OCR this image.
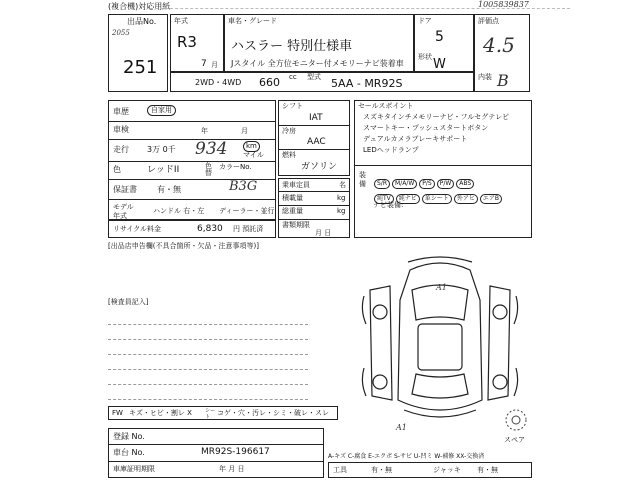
(複合機)対応用紙	1005839837
出品No.
2055
251
年式
R3
7 月
車名・グレード
ハスラー 特別仕様車
Jスタイル 全方位モニター付メモリーナビ装着車
ドア
5
形状 W
評価点
4.5
内装 B
2WD・4WD 660 cc 型式 5AA - MR92S
車歴	自家用
車検	年	月
走行 3万 0千 934	km
マイル
色	レッドII	色替
カラーNo.
保証書	有・無	B3G
モデル年式
ハンドル 右・左 ディーラー・並行
リサイクル料金	6,830 円 預託済
[出品店申告欄(不具合箇所・欠品・注意事項等)]
シフト
IAT
冷房
AAC
燃料
ガソリン
乗車定員	名
積載量	kg
総重量	kg
書類期限
月 日
セールスポイント
スズキタインチメモリーナビ・フルセグテレビ
スマートキー・プッシュスタートボタン
デュアルカメラブレーキサポート
LEDヘッドランプ
装備	S/R M/A/W P/S P/W ABS
純TV 純ナビ 革シート 外アヒ エアB
ナビ装備:
[検査員記入]
FW キズ・ヒビ・割レ X	シート コゲ・穴・汚レ・シミ・破レ・スレ
A1
A1
スペア
登録 No.
車台 No.	MR92S-196617
車庫証明期限	年 月 日
A-キズ C-腐食 E-エクボ S-サビ U-凹ミ W-補修 XX-交換済
工具	有・無	ジャッキ 有・無
